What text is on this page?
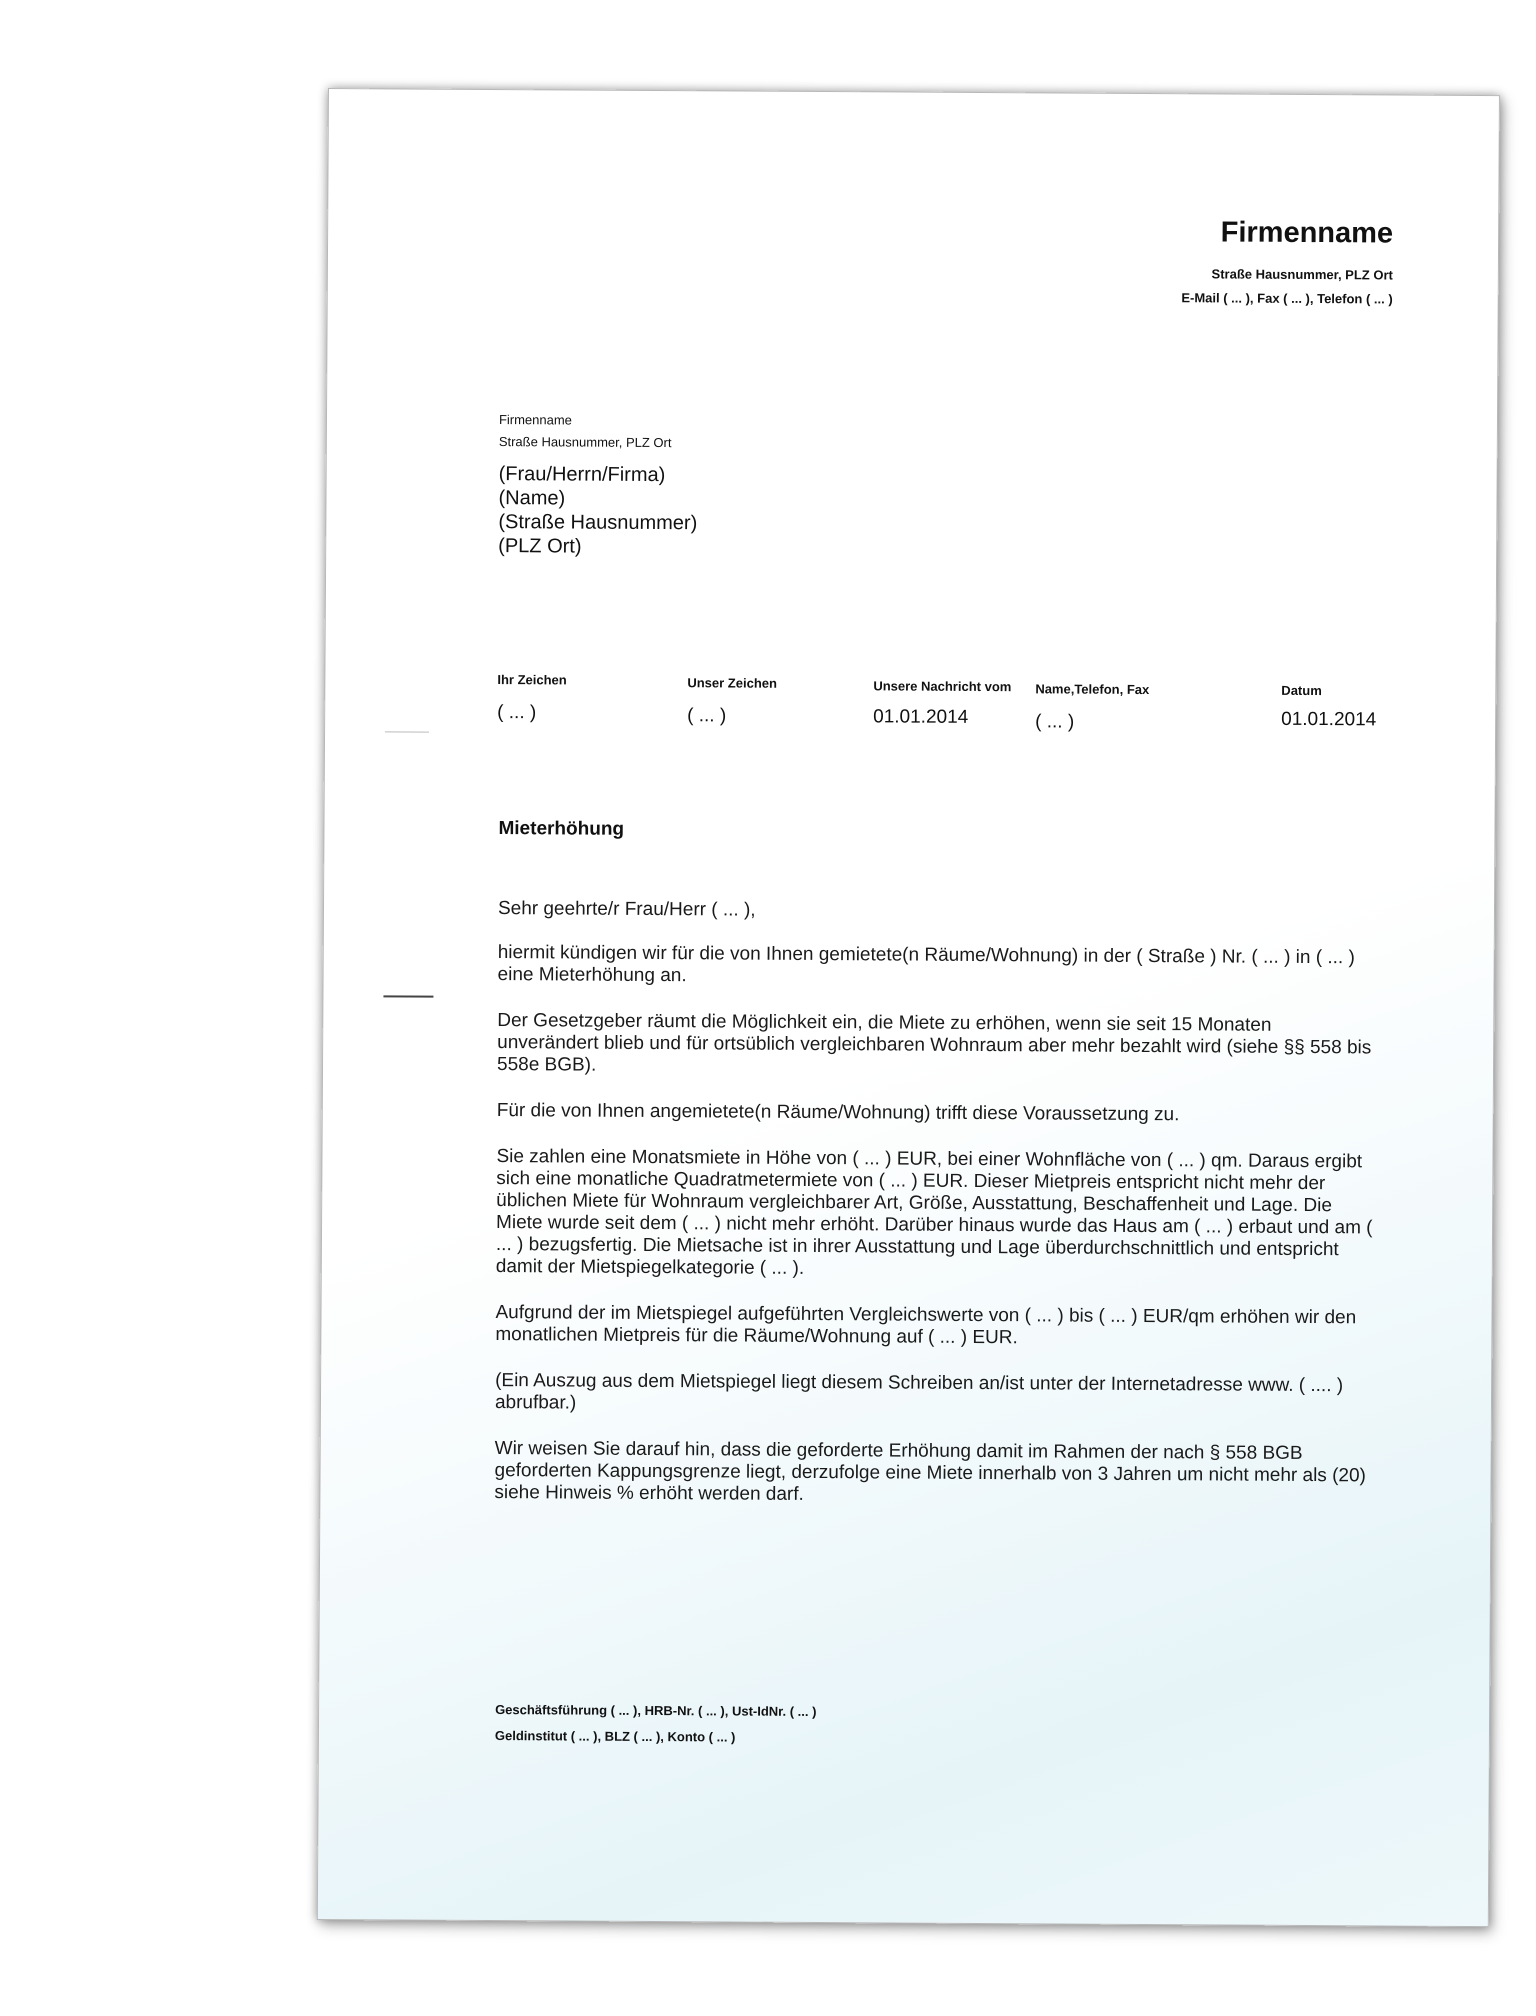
Firmenname
Straße Hausnummer, PLZ Ort
E-Mail ( ... ), Fax ( ... ), Telefon ( ... )
Firmenname
Straße Hausnummer, PLZ Ort
(Frau/Herrn/Firma)
(Name)
(Straße Hausnummer)
(PLZ Ort)
Ihr Zeichen
( ... )
Unser Zeichen
( ... )
Unsere Nachricht vom
01.01.2014
Name,Telefon, Fax
( ... )
Datum
01.01.2014
Mieterhöhung

Sehr geehrte/r Frau/Herr ( ... ),

hiermit kündigen wir für die von Ihnen gemietete(n Räume/Wohnung) in der ( Straße ) Nr. ( ... ) in ( ... ) eine Mieterhöhung an.

Der Gesetzgeber räumt die Möglichkeit ein, die Miete zu erhöhen, wenn sie seit 15 Monaten unverändert blieb und für ortsüblich vergleichbaren Wohnraum aber mehr bezahlt wird (siehe §§ 558 bis 558e BGB).

Für die von Ihnen angemietete(n Räume/Wohnung) trifft diese Voraussetzung zu.

Sie zahlen eine Monatsmiete in Höhe von ( ... ) EUR, bei einer Wohnfläche von ( ... ) qm. Daraus ergibt sich eine monatliche Quadratmetermiete von ( ... ) EUR. Dieser Mietpreis entspricht nicht mehr der üblichen Miete für Wohnraum vergleichbarer Art, Größe, Ausstattung, Beschaffenheit und Lage. Die Miete wurde seit dem ( ... ) nicht mehr erhöht. Darüber hinaus wurde das Haus am ( ... ) erbaut und am ( ... ) bezugsfertig. Die Mietsache ist in ihrer Ausstattung und Lage überdurchschnittlich und entspricht damit der Mietspiegelkategorie ( ... ).

Aufgrund der im Mietspiegel aufgeführten Vergleichswerte von ( ... ) bis ( ... ) EUR/qm erhöhen wir den monatlichen Mietpreis für die Räume/Wohnung auf ( ... ) EUR.

(Ein Auszug aus dem Mietspiegel liegt diesem Schreiben an/ist unter der Internetadresse www. ( .... ) abrufbar.)

Wir weisen Sie darauf hin, dass die geforderte Erhöhung damit im Rahmen der nach § 558 BGB geforderten Kappungsgrenze liegt, derzufolge eine Miete innerhalb von 3 Jahren um nicht mehr als (20) siehe Hinweis % erhöht werden darf.

Geschäftsführung ( ... ), HRB-Nr. ( ... ), Ust-IdNr. ( ... )
Geldinstitut ( ... ), BLZ ( ... ), Konto ( ... )
